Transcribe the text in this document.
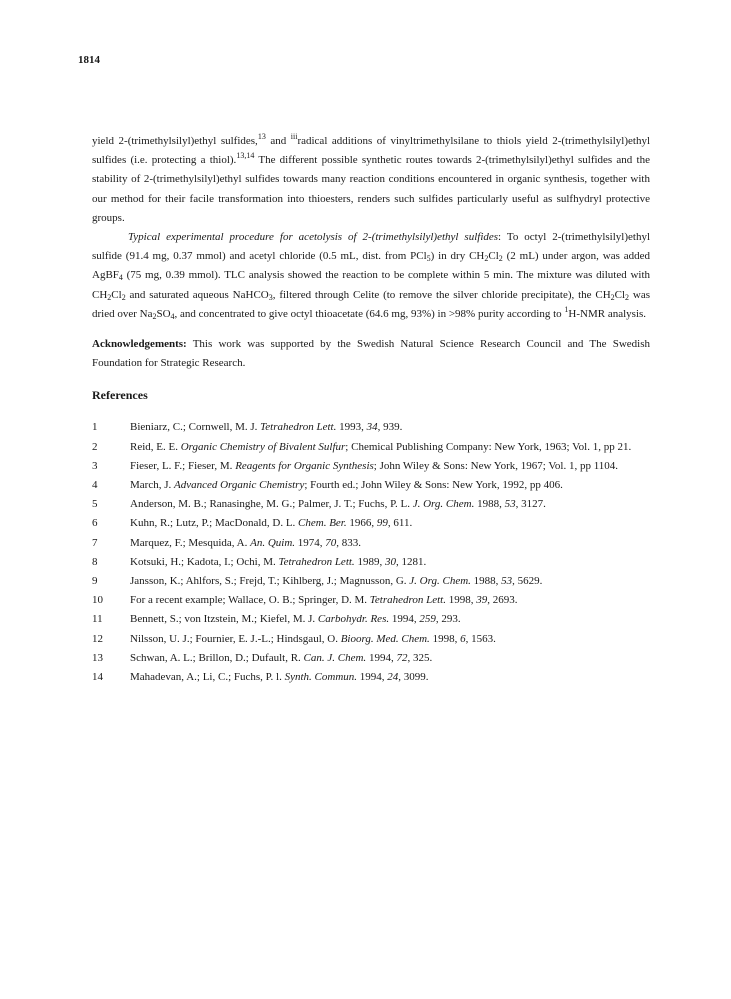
1814

yield 2-(trimethylsilyl)ethyl sulfides,$^{13}$ and $^{iii}$radical additions of vinyltrimethylsilane to thiols yield 2-(trimethylsilyl)ethyl sulfides (i.e. protecting a thiol).$^{13,14}$ The different possible synthetic routes towards 2-(trimethylsilyl)ethyl sulfides and the stability of 2-(trimethylsilyl)ethyl sulfides towards many reaction conditions encountered in organic synthesis, together with our method for their facile transformation into thioesters, renders such sulfides particularly useful as sulfhydryl protective groups.

Typical experimental procedure for acetolysis of 2-(trimethylsilyl)ethyl sulfides: To octyl 2-(trimethylsilyl)ethyl sulfide (91.4 mg, 0.37 mmol) and acetyl chloride (0.5 mL, dist. from PCl$_5$) in dry $CH_2Cl_2$ (2 mL) under argon, was added AgBF$_4$ (75 mg, 0.39 mmol). TLC analysis showed the reaction to be complete within 5 min. The mixture was diluted with $CH_2Cl_2$ and saturated aqueous NaHCO$_3$, filtered through Celite (to remove the silver chloride precipitate), the $CH_2Cl_2$ was dried over $Na_2SO_4$, and concentrated to give octyl thioacetate (64.6 mg, 93%) in >98% purity according to $^1$H-NMR analysis.

Acknowledgements: This work was supported by the Swedish Natural Science Research Council and The Swedish Foundation for Strategic Research.

References
1	Bieniarz, C.; Cornwell, M. J. Tetrahedron Lett. 1993, 34, 939.
2	Reid, E. E. Organic Chemistry of Bivalent Sulfur; Chemical Publishing Company: New York, 1963; Vol. 1, pp 21.
3	Fieser, L. F.; Fieser, M. Reagents for Organic Synthesis; John Wiley & Sons: New York, 1967; Vol. 1, pp 1104.
4	March, J. Advanced Organic Chemistry; Fourth ed.; John Wiley & Sons: New York, 1992, pp 406.
5	Anderson, M. B.; Ranasinghe, M. G.; Palmer, J. T.; Fuchs, P. L. J. Org. Chem. 1988, 53, 3127.
6	Kuhn, R.; Lutz, P.; MacDonald, D. L. Chem. Ber. 1966, 99, 611.
7	Marquez, F.; Mesquida, A. An. Quim. 1974, 70, 833.
8	Kotsuki, H.; Kadota, I.; Ochi, M. Tetrahedron Lett. 1989, 30, 1281.
9	Jansson, K.; Ahlfors, S.; Frejd, T.; Kihlberg, J.; Magnusson, G. J. Org. Chem. 1988, 53, 5629.
10 For a recent example; Wallace, O. B.; Springer, D. M. Tetrahedron Lett. 1998, 39, 2693.
11 Bennett, S.; von Itzstein, M.; Kiefel, M. J. Carbohydr. Res. 1994, 259, 293.
12 Nilsson, U. J.; Fournier, E. J.-L.; Hindsgaul, O. Bioorg. Med. Chem. 1998, 6, 1563.
13 Schwan, A. L.; Brillon, D.; Dufault, R. Can. J. Chem. 1994, 72, 325.
14 Mahadevan, A.; Li, C.; Fuchs, P. l. Synth. Commun. 1994, 24, 3099.
